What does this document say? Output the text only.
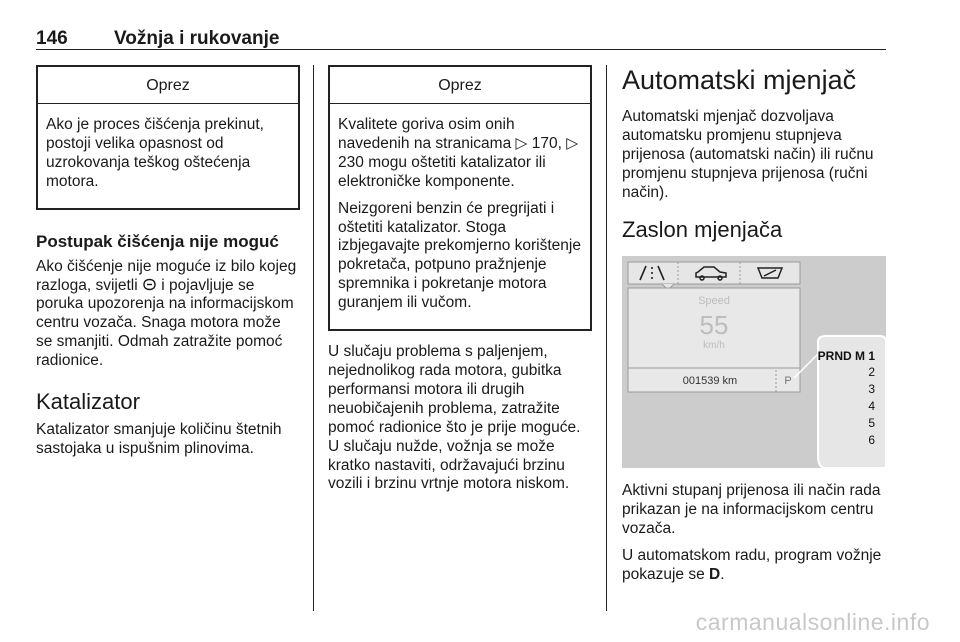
146 Vožnja i rukovanje
Oprez

Ako je proces čišćenja prekinut, postoji velika opasnost od uzrokovanja teškog oštećenja motora.

Postupak čišćenja nije moguć

Ako čišćenje nije moguće iz bilo kojeg razloga, svijetli i pojavljuje se poruka upozorenja na informacijskom centru vozača. Snaga motora može se smanjiti. Odmah zatražite pomoć radionice.

Katalizator

Katalizator smanjuje količinu štetnih sastojaka u ispušnim plinovima.

Oprez

Kvalitete goriva osim onih navedenih na stranicama ▷ 170, ▷ 230 mogu oštetiti katalizator ili elektroničke komponente.

Neizgoreni benzin će pregrijati i oštetiti katalizator. Stoga izbjegavajte prekomjerno korištenje pokretača, potpuno pražnjenje spremnika i pokretanje motora guranjem ili vučom.

U slučaju problema s paljenjem, nejednolikog rada motora, gubitka performansi motora ili drugih neuobičajenih problema, zatražite pomoć radionice što je prije moguće. U slučaju nužde, vožnja se može kratko nastaviti, održavajući brzinu vozili i brzinu vrtnje motora niskom.

Automatski mjenjač

Automatski mjenjač dozvoljava automatsku promjenu stupnjeva prijenosa (automatski način) ili ručnu promjenu stupnjeva prijenosa (ručni način).

Zaslon mjenjača
Speed
55
km/h
001539 km	P
PRND M 1
2
3
4
5
6

Aktivni stupanj prijenosa ili način rada prikazan je na informacijskom centru vozača.

U automatskom radu, program vožnje pokazuje se D.

carmanualsonline.info
